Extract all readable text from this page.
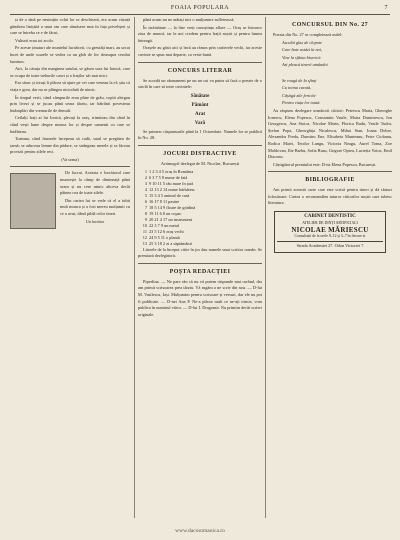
FOAIA POPULARA	7

și de o dată pe nesimțite ochii lor se deschiseră, era acum văzută gândirea liniștită a unui om care rămăsese mut în fața priveliștei și care se întreba ce e de făcut.

Vulturii erau tot acolo.

Pe aceste ținuturi ale muntelui lucrătorii, cu greutăți mari, au urcat încet de unde soarele se vedea ca un glob de foc deasupra cerului luminos.

Aici, la căsuța din marginea satului, se găsea sora lui Ionică, care se ocupa de toate treburile casei și a fraților săi mai mici.

Era sărac și totuși îi plăcea să ajute pe cei care veneau la el; știa că viața e grea, dar nu se plângea niciodată de nimic.

În timpul verii, când câmpurile erau pline de grâu, copiii alergau prin livezi și se jucau până seara târziu, iar bătrânii povesteau întâmplări din vremurile de demult.

Ceilalți frați ai lui Ionică, plecați la oraș, trimiteau din când în când vești bune despre munca lor și despre oamenii cu care se întâlneau.

Toamna, când frunzele începeau să cadă, satul se pregătea de iarnă; se aduceau lemne din pădure, se strângeau merele și se făceau provizii pentru zilele reci.

(Va urma)

De lucrat. Aceasta e lucrătorul care muncește la câmp de dimineață până seara și nu cere nimic altceva decât pâinea cea de toate zilele.

Din cartea lui se vede că el a iubit mult munca și a fost mereu mulțumit cu ce a avut, dând pildă celor tineri.

Un lucrător

până acum nu ne arătați nici o mulțumire sufletească.

În străinătate — la fine vreți cunoștința aflare — Oraș se întoarce ziua de muncă, iar la noi credem pentru frații noștri și pentru lumea întreagă.

Orașele au găsit aici și încă au rămas prin cartierele vechi, iar aceste cuvinte se spun mai departe, ca veste bună.

CONCURS LITERAR

Se acordă un abonament pe un an cui va putea să facă o poezie de o strofă în care să intre cuvintele:

Sănătate
Pământ
Arat
Vară

Se primesc răspunsurile până la 1 Octombrie. Numele lor se publică în No. 28.

JOCURI DISTRACTIVE

Aritmogrif dezlegat de M. Nicolae, București

1	1 2 3 4 5 oraș în România
2	6 3 7 5 8 nume de fată
3	9 10 11 5 râu mare în țară
4	12 13 2 14 nume bărbătesc
5	15 3 4 5 animal de casă
6	16 17 8 11 pasăre
7	18 5 14 9 floare de grădină
8	19 11 6 8 un copac
9	20 21 4 17 un instrument
10	22 3 7 9 un metal
11	23 5 12 6 oraș vechi
12	24 9 5 11 o plantă
13	25 3 18 2 zi a săptămânii

Literele de la început citite în jos dau numele unui scriitor român. Se premiază dezlegătorii.

POȘTA REDACȚIEI

Piperlina. — Ne pare rău că nu vă putem răspunde mai curând, dar am primit scrisoarea prea târziu. Vă rugăm a ne scrie din nou. — D-lui M. Vasilescu, Iași. Mulțumim pentru scrisoare și versuri, dar ele nu pot fi publicate. — D-nei Ana P. Ne-a plăcut mult ce ne-ați trimis; vom publica în numărul viitor. — D-lui I. Dragomir. Nu primim decât scrieri originale.

CONCURSUL DIN No. 27

Poezia din No. 27 se completează astfel:

Ascultă glas de clopote

Care bate astăzi la noi,

Vine la sfânta biserică

Azi pleacă tinerii amândoi

Se roagă de la sfinți

Cu inima curată,

Câștigă zile fericite

Pentru viața lor toată.

Au răspuns dezlegare următorii cititori: Petrescu Maria, Gheorghe Ionescu, Elena Popescu, Constantin Vasile, Maria Dumitrescu, Ion Georgescu, Ana Stoica, Nicolae Marin, Florica Radu, Vasile Tudor, Ștefan Popa, Gheorghița Niculescu, Mihai Stan, Ioana Dobre, Alexandru Preda, Dumitru Ene, Elisabeta Munteanu, Petre Ciobanu, Rodica Matei, Teodor Lungu, Victoria Neagu, Aurel Toma, Zoe Moldovan, Ilie Barbu, Sofia Rusu, Grigore Oprea, Lucreția Voicu, Emil Diaconu.

Câștigătorul premiului este: D-na Elena Popescu, București.

BIBLIOGRAFIE

Am primit această carte care este scrisă pentru tineri și dă sfaturi folositoare. Cartea o recomandăm tuturor cititorilor noștri care iubesc literatura.

CABINET DENTISTIC
ATELIER DE DINȚI ARTIFICIALI
NICOLAE MĂRIESCU
Consultații de la orele 9–12 și 3–7 în fiecare zi
Strada Academiei 27. Odon Victoriei 7
www.dacoromanica.ro
